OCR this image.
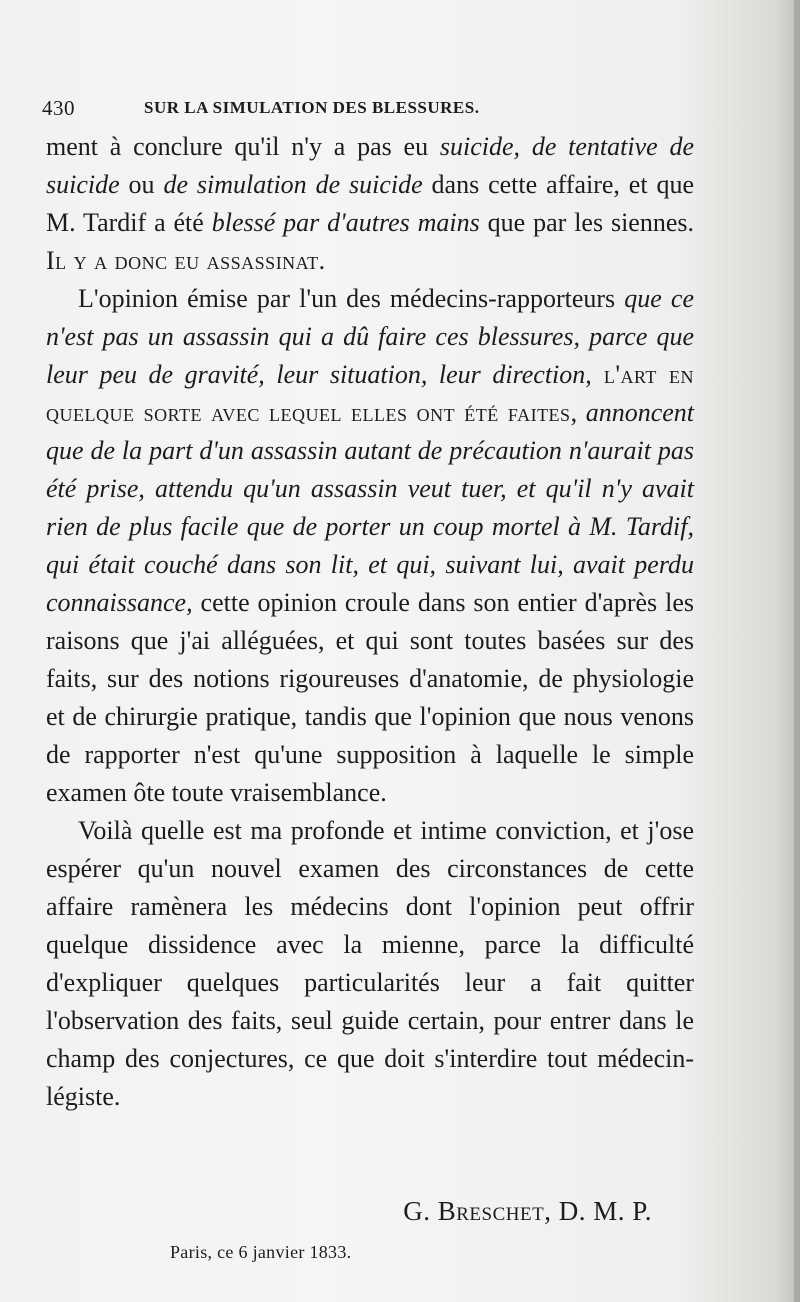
430	SUR LA SIMULATION DES BLESSURES.

ment à conclure qu'il n'y a pas eu suicide, de tentative de suicide ou de simulation de suicide dans cette affaire, et que M. Tardif a été blessé par d'autres mains que par les siennes. Il y a donc eu assassinat.

L'opinion émise par l'un des médecins-rapporteurs que ce n'est pas un assassin qui a dû faire ces blessures, parce que leur peu de gravité, leur situation, leur direction, l'art en quelque sorte avec lequel elles ont été faites, annoncent que de la part d'un assassin autant de précaution n'aurait pas été prise, attendu qu'un assassin veut tuer, et qu'il n'y avait rien de plus facile que de porter un coup mortel à M. Tardif, qui était couché dans son lit, et qui, suivant lui, avait perdu connaissance, cette opinion croule dans son entier d'après les raisons que j'ai alléguées, et qui sont toutes basées sur des faits, sur des notions rigoureuses d'anatomie, de physiologie et de chirurgie pratique, tandis que l'opinion que nous venons de rapporter n'est qu'une supposition à laquelle le simple examen ôte toute vraisemblance.

Voilà quelle est ma profonde et intime conviction, et j'ose espérer qu'un nouvel examen des circonstances de cette affaire ramènera les médecins dont l'opinion peut offrir quelque dissidence avec la mienne, parce la difficulté d'expliquer quelques particularités leur a fait quitter l'observation des faits, seul guide certain, pour entrer dans le champ des conjectures, ce que doit s'interdire tout médecin-légiste.

G. Breschet, D. M. P.
Paris, ce 6 janvier 1833.
